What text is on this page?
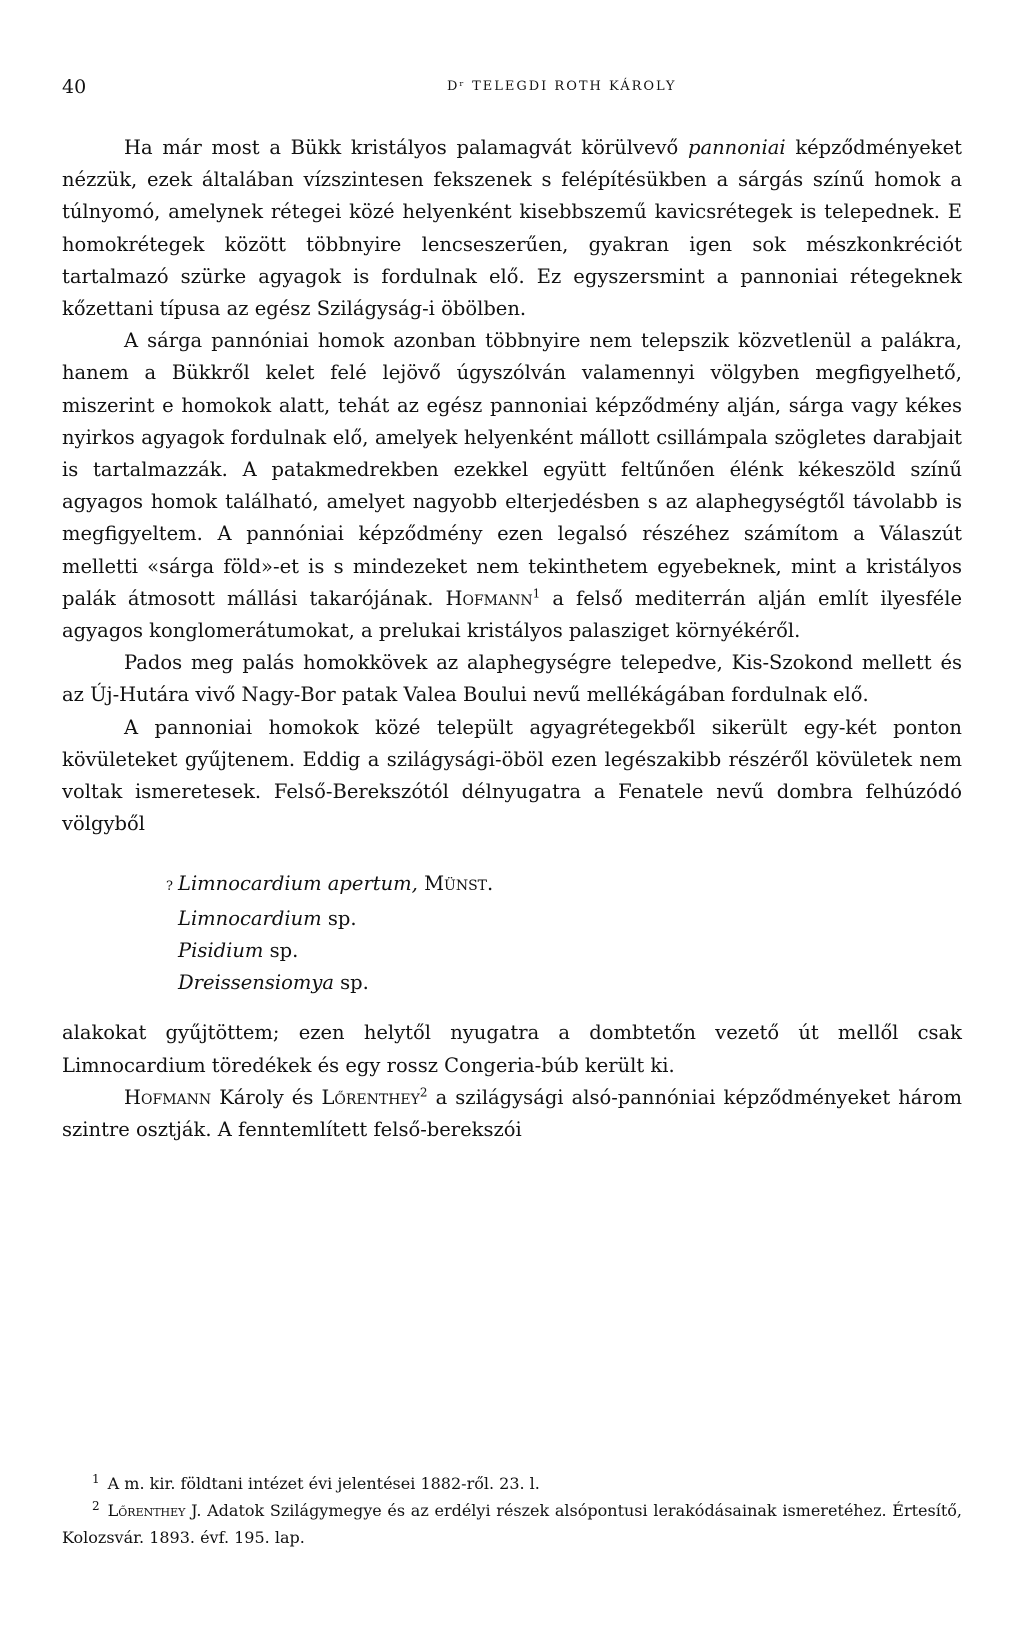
40	Dʳ TELEGDI ROTH KÁROLY

Ha már most a Bükk kristályos palamagvát körülvevő pannoniai képződményeket nézzük, ezek általában vízszintesen fekszenek s felépítésükben a sárgás színű homok a túlnyomó, amelynek rétegei közé helyenként kisebbszemű kavicsrétegek is telepednek. E homokrétegek között többnyire lencseszerűen, gyakran igen sok mészkonkréciót tartalmazó szürke agyagok is fordulnak elő. Ez egyszersmint a pannoniai rétegeknek kőzettani típusa az egész Szilágyság-i öbölben.

A sárga pannóniai homok azonban többnyire nem telepszik közvetlenül a palákra, hanem a Bükkről kelet felé lejövő úgyszólván valamennyi völgyben megfigyelhető, miszerint e homokok alatt, tehát az egész pannoniai képződmény alján, sárga vagy kékes nyirkos agyagok fordulnak elő, amelyek helyenként mállott csillámpala szögletes darabjait is tartalmazzák. A patakmedrekben ezekkel együtt feltűnően élénk kékeszöld színű agyagos homok található, amelyet nagyobb elterjedésben s az alaphegységtől távolabb is megfigyeltem. A pannóniai képződmény ezen legalsó részéhez számítom a Válaszút melletti «sárga föld»-et is s mindezeket nem tekinthetem egyebeknek, mint a kristályos palák átmosott mállási takarójának. Hofmann$^1$ a felső mediterrán alján említ ilyesféle agyagos konglomerátumokat, a prelukai kristályos palasziget környékéről.

Pados meg palás homokkövek az alaphegységre telepedve, Kis-Szokond mellett és az Új-Hutára vivő Nagy-Bor patak Valea Boului nevű mellékágában fordulnak elő.

A pannoniai homokok közé települt agyagrétegekből sikerült egy-két ponton kövületeket gyűjtenem. Eddig a szilágysági-öböl ezen legészakibb részéről kövületek nem voltak ismeretesek. Felső-Berekszótól délnyugatra a Fenatele nevű dombra felhúzódó völgyből

? Limnocardium apertum, Münst.
Limnocardium sp.
Pisidium sp.
Dreissensiomya sp.

alakokat gyűjtöttem; ezen helytől nyugatra a dombtetőn vezető út mellől csak Limnocardium töredékek és egy rossz Congeria-búb került ki.

Hofmann Károly és Lőrenthey$^2$ a szilágysági alsó-pannóniai képződményeket három szintre osztják. A fenntemlített felső-berekszói

$^1$ A m. kir. földtani intézet évi jelentései 1882-ről. 23. l.
$^2$ Lőrenthey J. Adatok Szilágymegye és az erdélyi részek alsópontusi lerakódásainak ismeretéhez. Értesítő, Kolozsvár. 1893. évf. 195. lap.
